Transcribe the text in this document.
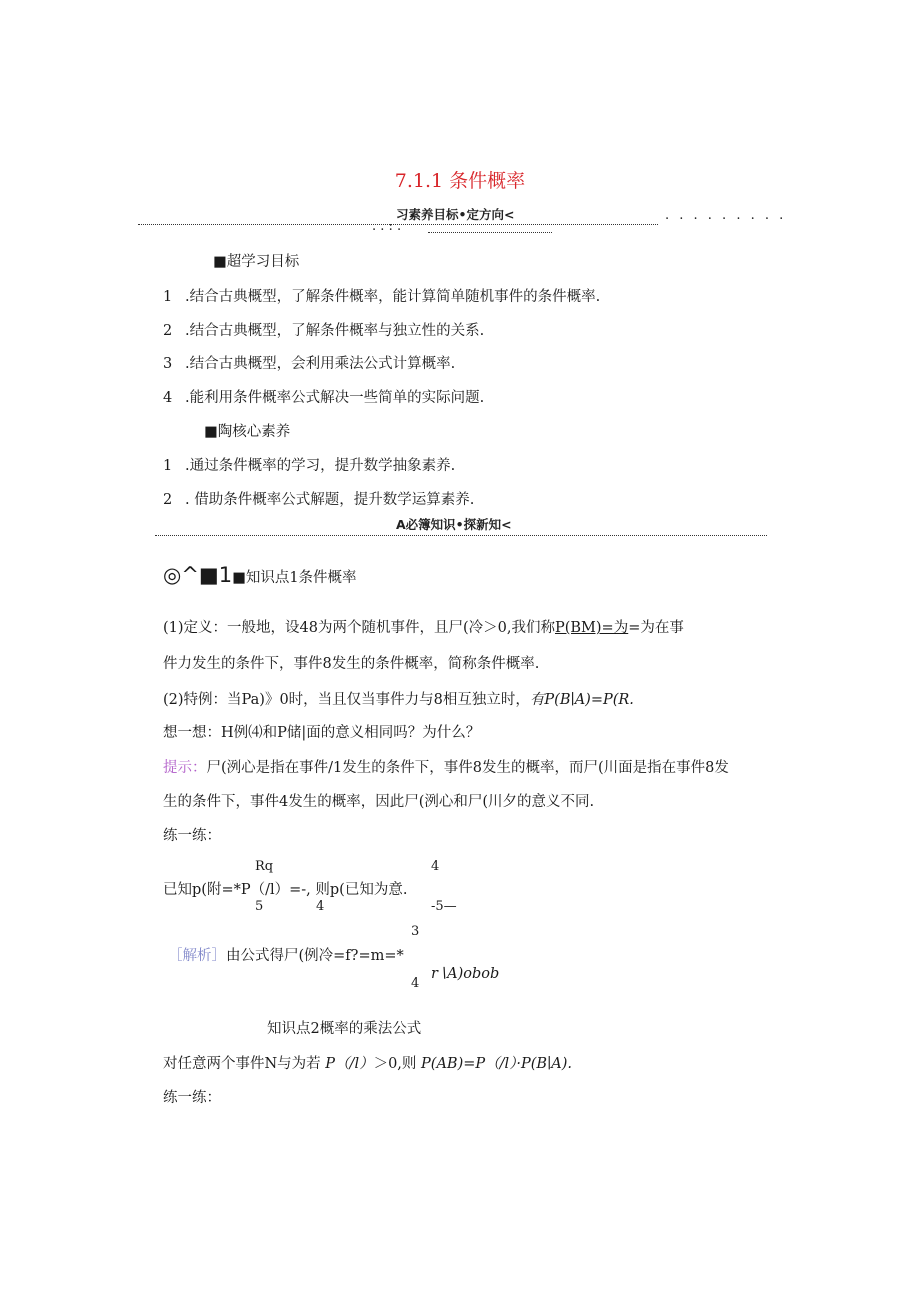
7.1.1 条件概率
习素养目标•定方向<	. . . . . . . . .
. . : .
■超学习目标
1 .结合古典概型，了解条件概率，能计算简单随机事件的条件概率.
2 .结合古典概型，了解条件概率与独立性的关系.
3 .结合古典概型，会利用乘法公式计算概率.
4 .能利用条件概率公式解决一些简单的实际问题.
■陶核心素养
1 .通过条件概率的学习，提升数学抽象素养.
2 . 借助条件概率公式解题，提升数学运算素养.
A必簿知识•探新知<
◎^■1■知识点1条件概率
(1)定义：一般地，设48为两个随机事件，且尸(冷＞0,我们称P(BM)=为=为在事
件力发生的条件下，事件8发生的条件概率，简称条件概率.
(2)特例：当Pa)》0时，当且仅当事件力与8相互独立时，有P(B∣A)=P(R.
想一想：H例⑷和P储|面的意义相同吗？为什么？
提示：尸(洌心是指在事件/1发生的条件下，事件8发生的概率，而尸(川面是指在事件8发
生的条件下，事件4发生的概率，因此尸(洌心和尸(川夕的意义不同.
练一练：
Rq	4
已知p(附=*P（/l）=-, 则p(已知为意.
5	4	-5—
3
［解析］由公式得尸(例冷=f?=m=*
r∖A)obob
4
知识点2概率的乘法公式
对任意两个事件N与为若 P（/l）＞0,则 P(AB)=P（/l）·P(B∣A).
练一练：
